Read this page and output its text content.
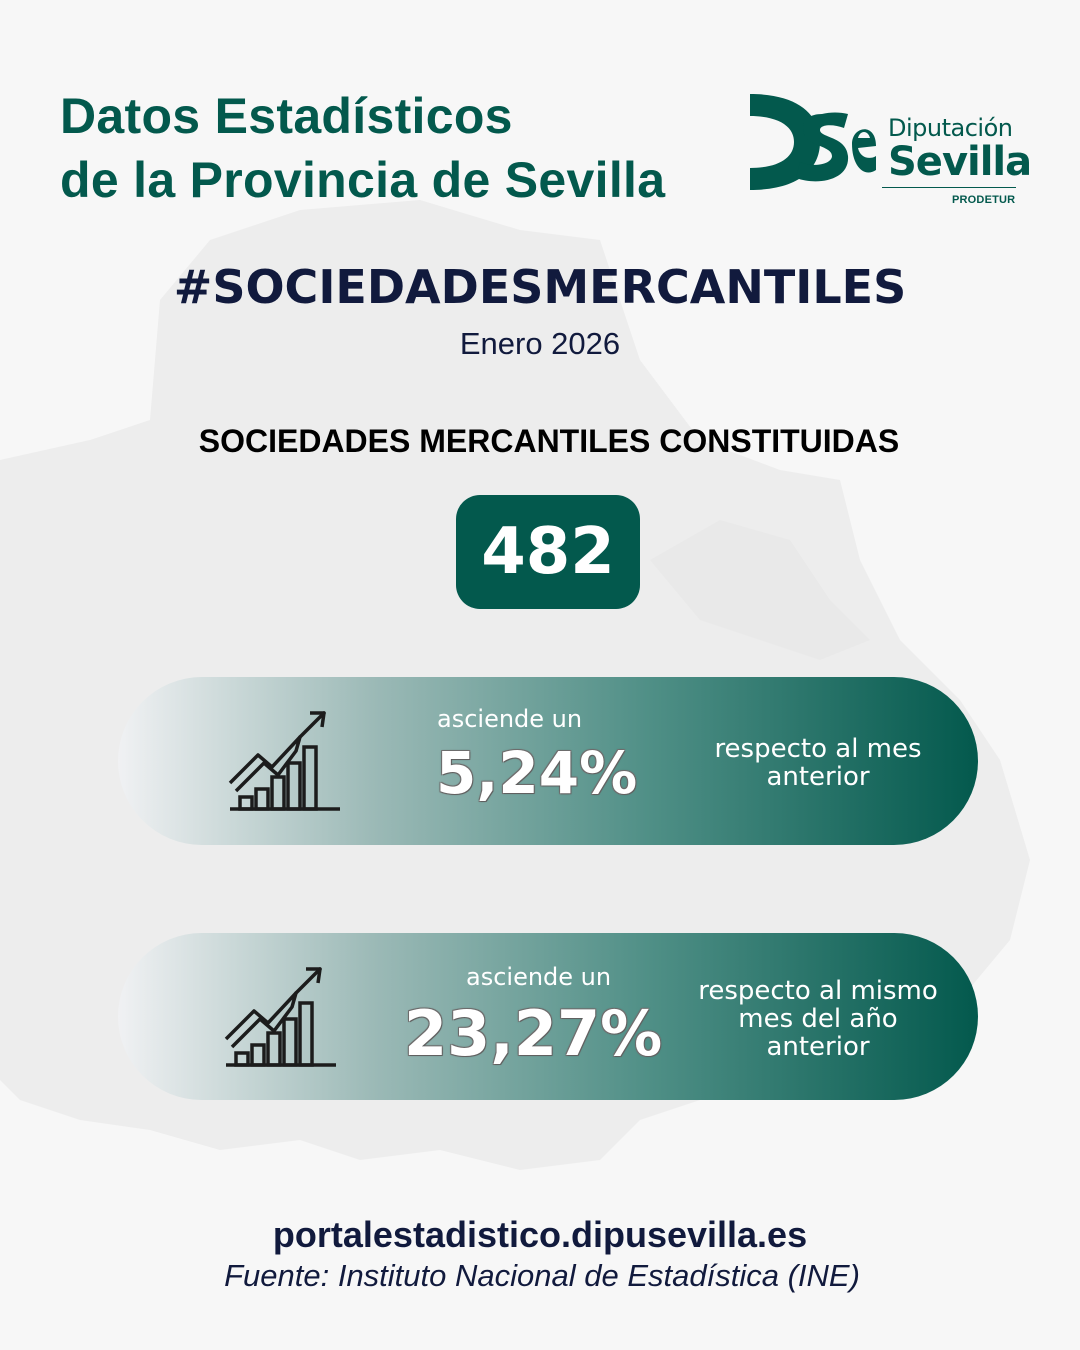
Datos Estadísticos
de la Provincia de Sevilla
Diputación
Sevilla
PRODETUR
#SOCIEDADESMERCANTILES
Enero 2026
SOCIEDADES MERCANTILES CONSTITUIDAS
482
asciende un
5,24%	respecto al mes
anterior
asciende un
23,27%
respecto al mismo
mes del año
anterior
portalestadistico.dipusevilla.es
Fuente: Instituto Nacional de Estadística (INE)
